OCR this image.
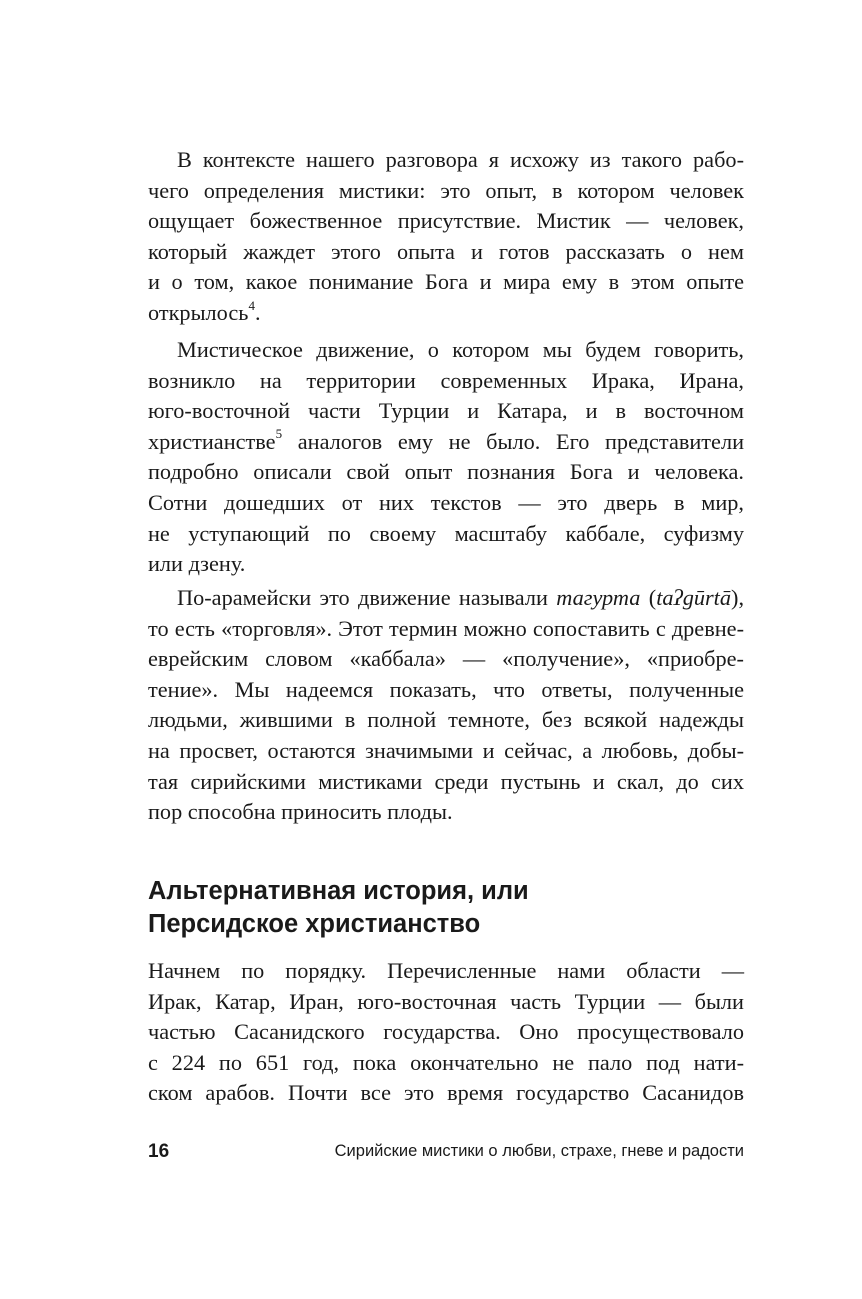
В контексте нашего разговора я исхожу из такого рабо-
чего определения мистики: это опыт, в котором человек
ощущает божественное присутствие. Мистик — человек,
который жаждет этого опыта и готов рассказать о нем
и о том, какое понимание Бога и мира ему в этом опыте
открылось$^4$.
Мистическое движение, о котором мы будем говорить,
возникло на территории современных Ирака, Ирана,
юго-восточной части Турции и Катара, и в восточном
христианстве$^5$ аналогов ему не было. Его представители
подробно описали свой опыт познания Бога и человека.
Сотни дошедших от них текстов — это дверь в мир,
не уступающий по своему масштабу каббале, суфизму
или дзену.
По-арамейски это движение называли тагурта (taʔgūrtā),
то есть «торговля». Этот термин можно сопоставить с древне-
еврейским словом «каббала» — «получение», «приобре-
тение». Мы надеемся показать, что ответы, полученные
людьми, жившими в полной темноте, без всякой надежды
на просвет, остаются значимыми и сейчас, а любовь, добы-
тая сирийскими мистиками среди пустынь и скал, до сих
пор способна приносить плоды.
Альтернативная история, или
Персидское христианство
Начнем по порядку. Перечисленные нами области —
Ирак, Катар, Иран, юго-восточная часть Турции — были
частью Сасанидского государства. Оно просуществовало
с 224 по 651 год, пока окончательно не пало под нати-
ском арабов. Почти все это время государство Сасанидов
16	Сирийские мистики о любви, страхе, гневе и радости
